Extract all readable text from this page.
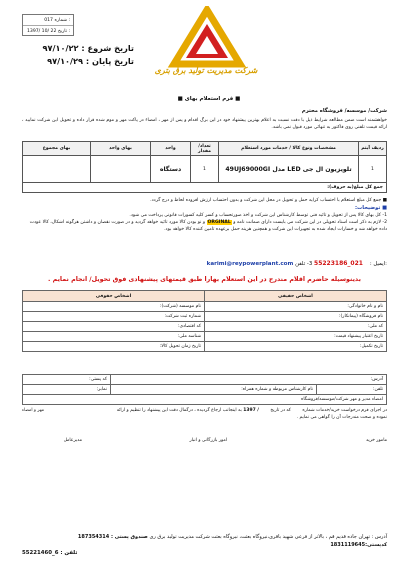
017 شماره :
1397/ 10/ 22 تاریخ :
تاریخ شروع : ۹۷/۱۰/۲۲
تاریخ پایان : ۹۷/۱۰/۲۹
شرکت مدیریت تولید برق بتری
■ فرم استعلام بهای ■
شرکت/ موسسه/ فروشگاه محترم
خواهشمند است ضمن مطالعه شرایط ذیل با دقت نسبت به اعلام بهترین پیشنهاد خود در این برگ اقدام و پس از مهر ، امضاء در پاکت مهر و موم شده قرار داده و تحویل این شرکت نمایید ، ارائه قیمت تلفنی روی فاکتور به تنهائی مورد قبول نمی باشد.
ردیف آیتم	مشخصات ونوع کالا / خدمات مورد استعلام	تعداد/ مقدار	واحد	بهای واحد	بهای مجموع
1	تلویزیون ال جی LED مدل 49UJ69000GI	1	دستگاه		
جمع کل مبلغ(به حروف):					
■ جمع کل مبلغ استعلام با احتساب کرایه حمل و تحویل در محل این شرکت و بدون احتساب ارزش افزوده لحاظ و درج گردد.
■ توضیحات:
1- کل بهای کالا پس از تحویل و تائید فنی توسط کارشناس این شرکت و اخذ صورتحساب و کسر کلیه کسورات قانونی پرداخت می شود.
2- لازم به ذکر است اسناد تحویلی در این شرکت می بایست دارای ضمانت نامه و ORGINAL و نو بودن کالا مورد تائید خواهد گردید و در صورت نقصان و داشتن هرگونه اشکال، کالا عودت داده خواهد شد و خسارات ایجاد شده به تجهیزات این شرکت و همچنین هزینه حمل برعهده تامین کننده کالا خواهد بود.
karimi@reypowerplant.com	ایمیل :    021_55223186 3- تلفن:
بدینوسیله حاضرم اقلام مندرج در این استعلام بهارا طبق قیمتهای پیشنهادی فوق تحویل/ انجام نمایم .
اشخاص حقیقی	اشخاص حقوقی
نام و نام خانوادگی:	نام موسسه (شرکت):
نام فروشگاه (پیمانکار):	شماره ثبت شرکت:
کد ملی:	کد اقتصادی:
تاریخ اعتبار پیشنهاد قیمت:	شناسه ملی:
تاریخ تکمیل:	تاریخ زمان تحویل کالا:
آدرس:		کد پستی:
تلفن:	نام کارشناس مربوطه و شماره همراه:	نمابر:
امضاء مدیر و مهر شرکت/موسسه/فروشگاه		
در اجرای فرم درخواست خرید/خدمات شماره        که در تاریخ        / 1397 به اینجانب ارجاع گردیده ، درگمال دقت این پیشنهاد را تنظیم و ارائه
نموده و صحت مندرجات آن را گواهی می نمایم .
مهر و امضاء
مامور خرید
امور بازرگانی و انبار
مدیرعامل
آدرس : تهران جاده قدیم قم ، بالاتر از فرعی شهید باقری،نیروگاه بعثت، نیروگاه بعثت شرکت مدیریت تولید برق ری صندوق پستی : 187354314 کدپستی:1831119645
تلفن : 6_55221460
